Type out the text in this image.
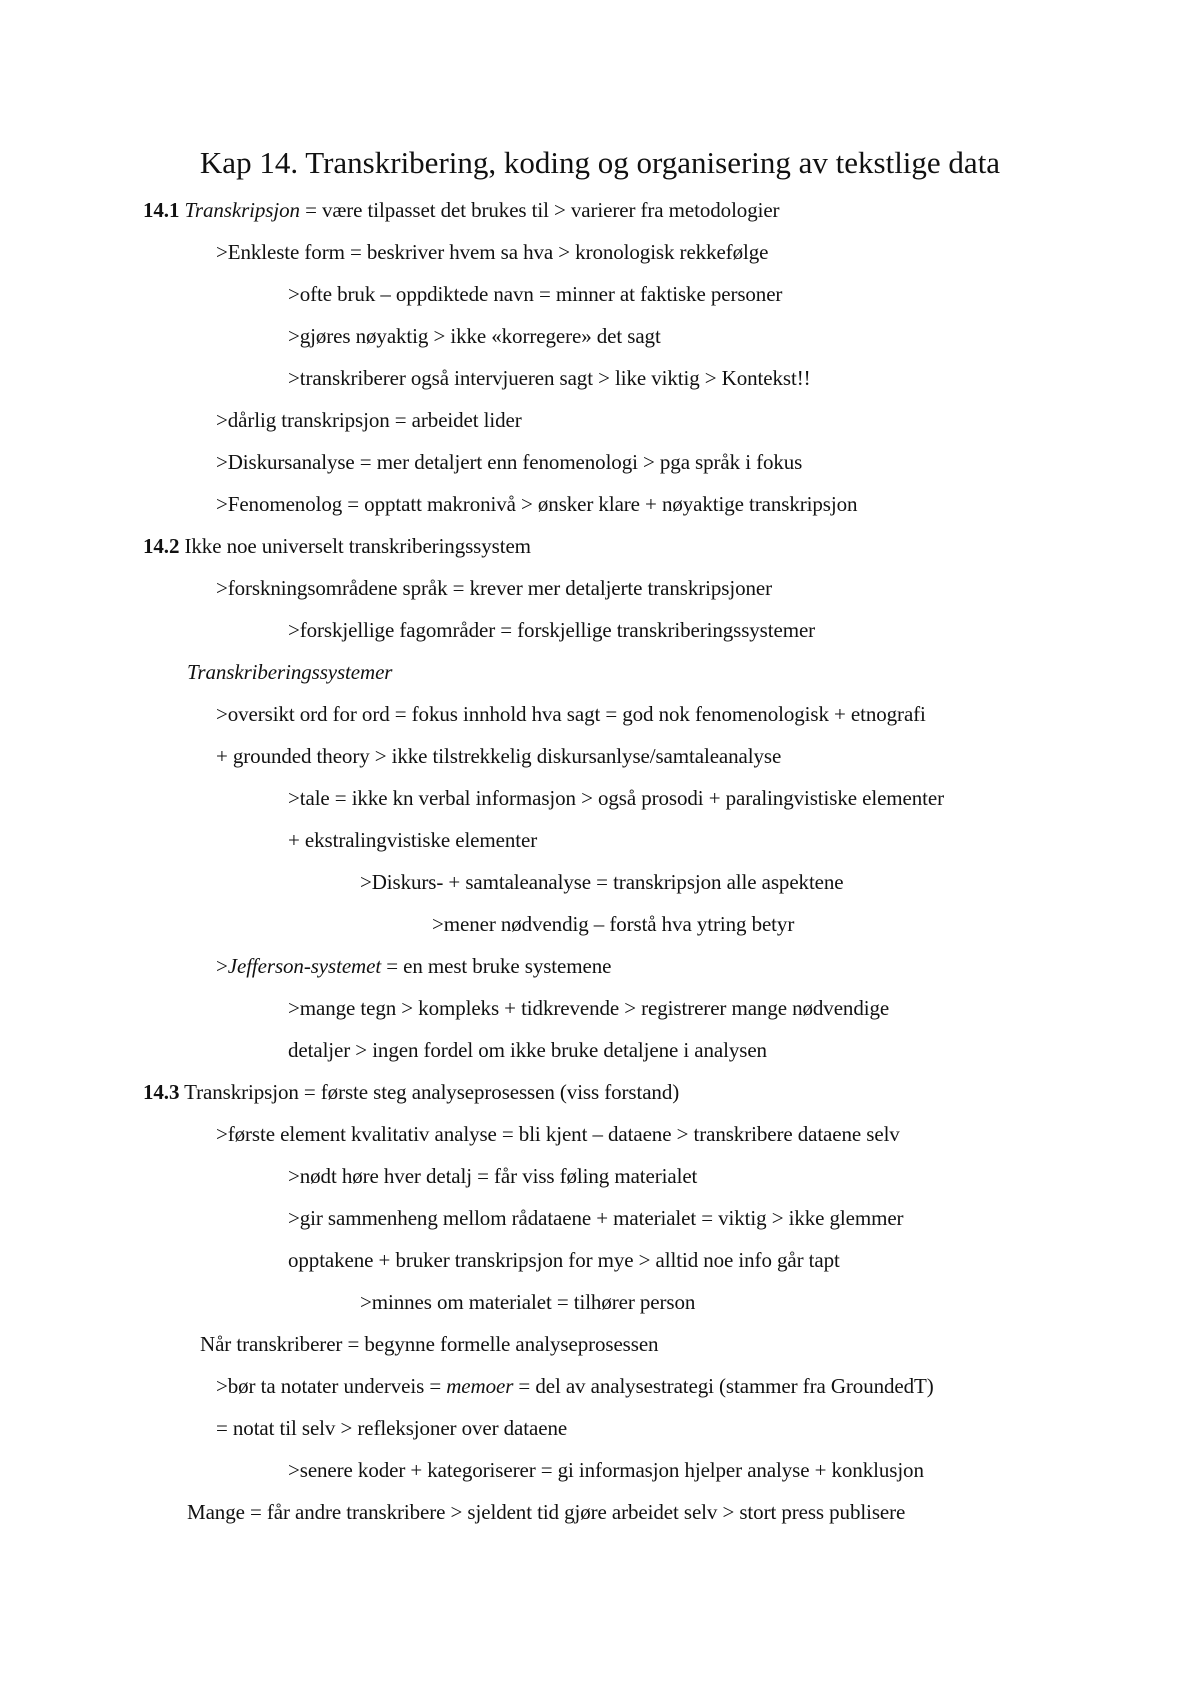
Kap 14. Transkribering, koding og organisering av tekstlige data
14.1 Transkripsjon = være tilpasset det brukes til > varierer fra metodologier
>Enkleste form = beskriver hvem sa hva > kronologisk rekkefølge
>ofte bruk – oppdiktede navn = minner at faktiske personer
>gjøres nøyaktig > ikke «korregere» det sagt
>transkriberer også intervjueren sagt > like viktig > Kontekst!!
>dårlig transkripsjon = arbeidet lider
>Diskursanalyse = mer detaljert enn fenomenologi > pga språk i fokus
>Fenomenolog = opptatt makronivå > ønsker klare + nøyaktige transkripsjon
14.2 Ikke noe universelt transkriberingssystem
>forskningsområdene språk = krever mer detaljerte transkripsjoner
>forskjellige fagområder = forskjellige transkriberingssystemer
Transkriberingssystemer
>oversikt ord for ord = fokus innhold hva sagt = god nok fenomenologisk + etnografi
+ grounded theory > ikke tilstrekkelig diskursanlyse/samtaleanalyse
>tale = ikke kn verbal informasjon > også prosodi + paralingvistiske elementer
+ ekstralingvistiske elementer
>Diskurs- + samtaleanalyse = transkripsjon alle aspektene
>mener nødvendig – forstå hva ytring betyr
>Jefferson-systemet = en mest bruke systemene
>mange tegn > kompleks + tidkrevende > registrerer mange nødvendige
detaljer > ingen fordel om ikke bruke detaljene i analysen
14.3 Transkripsjon = første steg analyseprosessen (viss forstand)
>første element kvalitativ analyse = bli kjent – dataene > transkribere dataene selv
>nødt høre hver detalj = får viss føling materialet
>gir sammenheng mellom rådataene + materialet = viktig > ikke glemmer
opptakene + bruker transkripsjon for mye > alltid noe info går tapt
>minnes om materialet = tilhører person
Når transkriberer = begynne formelle analyseprosessen
>bør ta notater underveis = memoer = del av analysestrategi (stammer fra GroundedT)
= notat til selv > refleksjoner over dataene
>senere koder + kategoriserer = gi informasjon hjelper analyse + konklusjon
Mange = får andre transkribere > sjeldent tid gjøre arbeidet selv > stort press publisere
